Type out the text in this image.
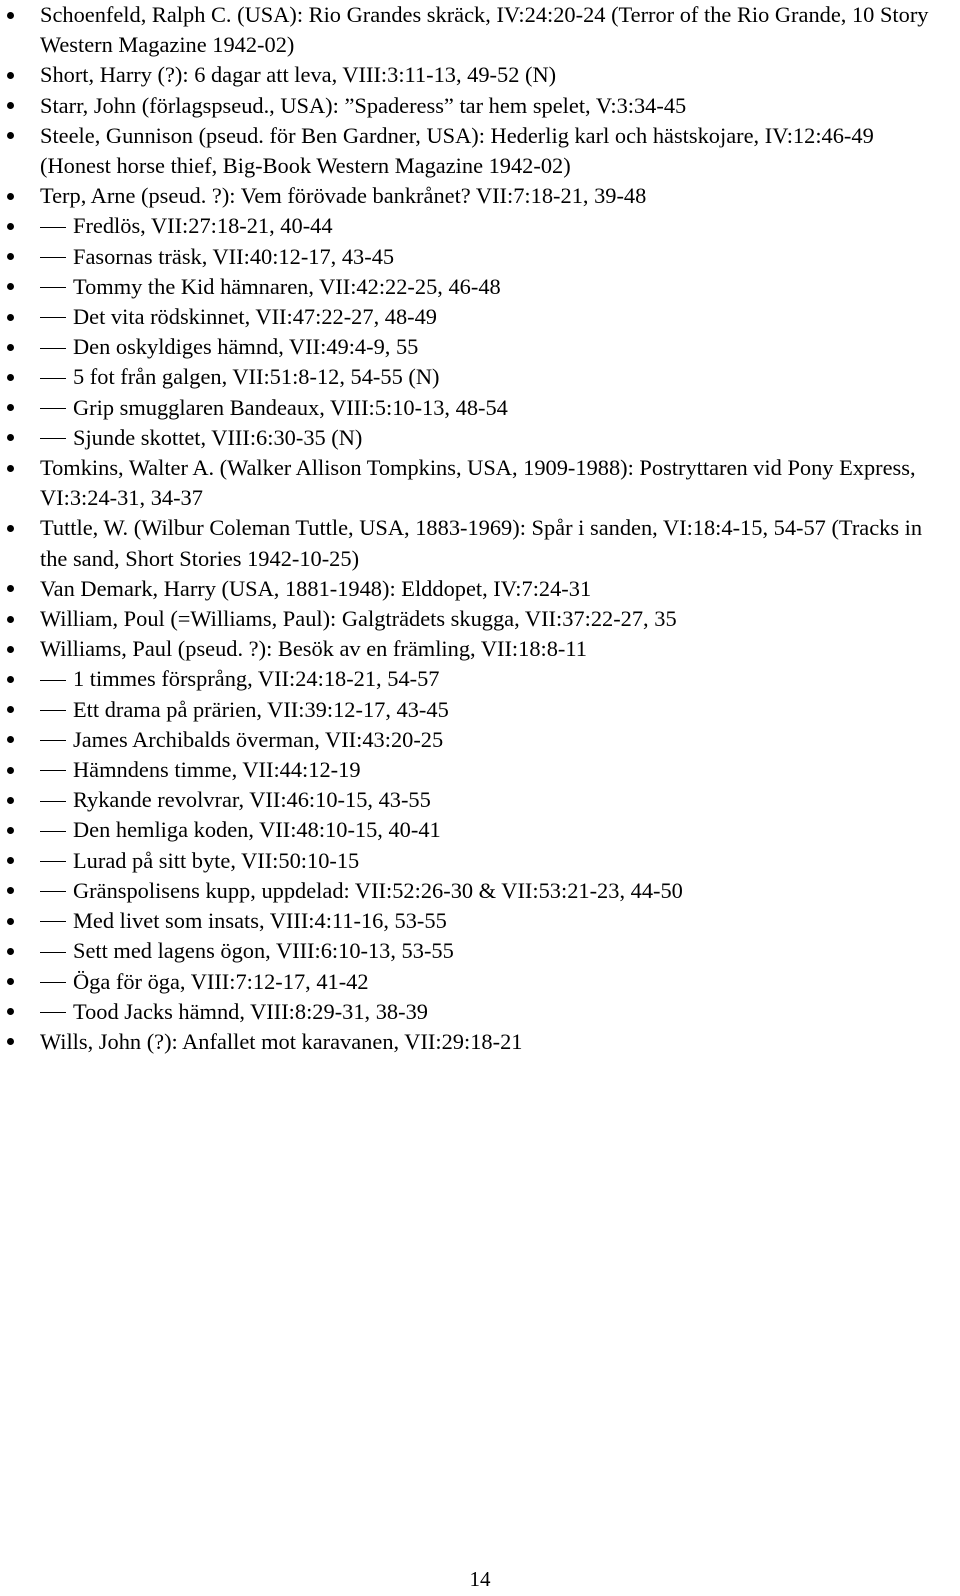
Schoenfeld, Ralph C. (USA): Rio Grandes skräck, IV:24:20-24 (Terror of the Rio Grande, 10 Story Western Magazine 1942-02)
Short, Harry (?): 6 dagar att leva, VIII:3:11-13, 49-52 (N)
Starr, John (förlagspseud., USA): ”Spaderess” tar hem spelet, V:3:34-45
Steele, Gunnison (pseud. för Ben Gardner, USA): Hederlig karl och hästskojare, IV:12:46-49 (Honest horse thief, Big-Book Western Magazine 1942-02)
Terp, Arne (pseud. ?): Vem förövade bankrånet? VII:7:18-21, 39-48
Fredlös, VII:27:18-21, 40-44
Fasornas träsk, VII:40:12-17, 43-45
Tommy the Kid hämnaren, VII:42:22-25, 46-48
Det vita rödskinnet, VII:47:22-27, 48-49
Den oskyldiges hämnd, VII:49:4-9, 55
5 fot från galgen, VII:51:8-12, 54-55 (N)
Grip smugglaren Bandeaux, VIII:5:10-13, 48-54
Sjunde skottet, VIII:6:30-35 (N)
Tomkins, Walter A. (Walker Allison Tompkins, USA, 1909-1988): Postryttaren vid Pony Express, VI:3:24-31, 34-37
Tuttle, W. (Wilbur Coleman Tuttle, USA, 1883-1969): Spår i sanden, VI:18:4-15, 54-57 (Tracks in the sand, Short Stories 1942-10-25)
Van Demark, Harry (USA, 1881-1948): Elddopet, IV:7:24-31
William, Poul (=Williams, Paul): Galgträdets skugga, VII:37:22-27, 35
Williams, Paul (pseud. ?): Besök av en främling, VII:18:8-11
1 timmes försprång, VII:24:18-21, 54-57
Ett drama på prärien, VII:39:12-17, 43-45
James Archibalds överman, VII:43:20-25
Hämndens timme, VII:44:12-19
Rykande revolvrar, VII:46:10-15, 43-55
Den hemliga koden, VII:48:10-15, 40-41
Lurad på sitt byte, VII:50:10-15
Gränspolisens kupp, uppdelad: VII:52:26-30 & VII:53:21-23, 44-50
Med livet som insats, VIII:4:11-16, 53-55
Sett med lagens ögon, VIII:6:10-13, 53-55
Öga för öga, VIII:7:12-17, 41-42
Tood Jacks hämnd, VIII:8:29-31, 38-39
Wills, John (?): Anfallet mot karavanen, VII:29:18-21
14
